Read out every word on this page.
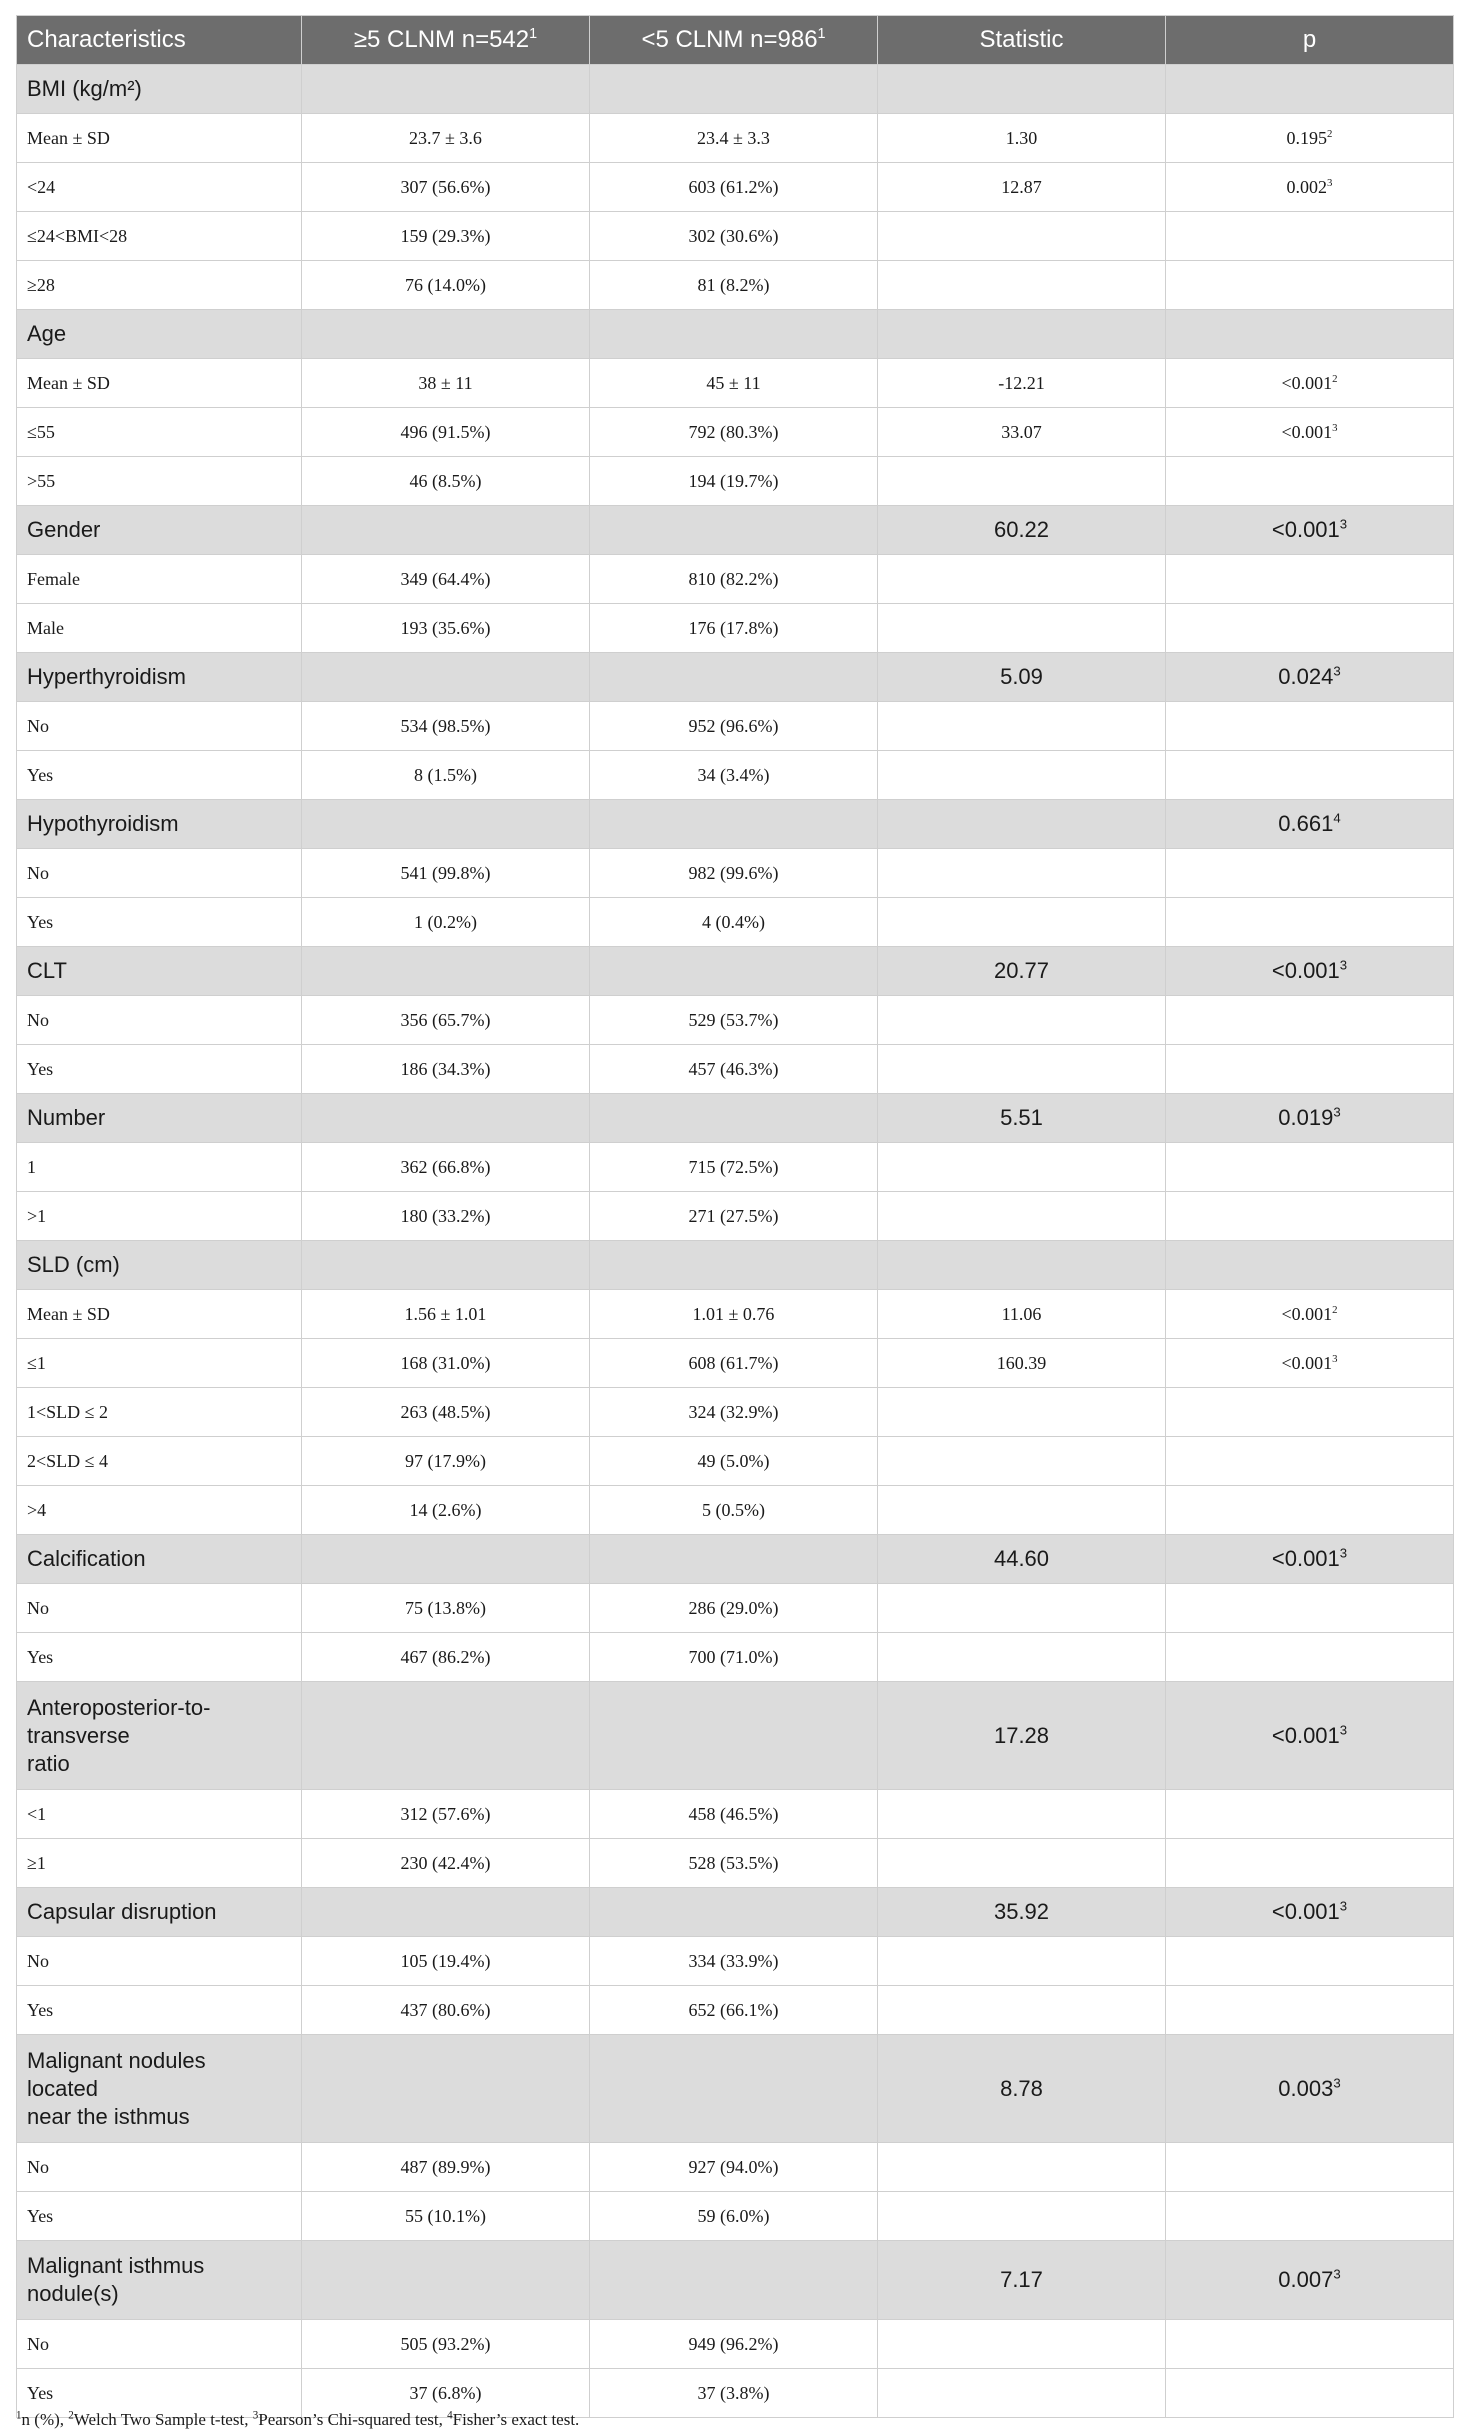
Characteristics	≥5 CLNM $n=542^1$	<5 CLNM $n=986^1$	Statistic	p
BMI (kg/m²)				
Mean ± SD	23.7 ± 3.6	23.4 ± 3.3	1.30	$0.195^2$
<24	307 (56.6%)	603 (61.2%)	12.87	$0.002^3$
≤24<BMI<28	159 (29.3%)	302 (30.6%)		
≥28	76 (14.0%)	81 (8.2%)		
Age				
Mean ± SD	38 ± 11	45 ± 11	-12.21	$<0.001^2$
≤55	496 (91.5%)	792 (80.3%)	33.07	$<0.001^3$
>55	46 (8.5%)	194 (19.7%)		
Gender			60.22	$<0.001^3$
Female	349 (64.4%)	810 (82.2%)		
Male	193 (35.6%)	176 (17.8%)		
Hyperthyroidism			5.09	0.024$^3$
No	534 (98.5%)	952 (96.6%)		
Yes	8 (1.5%)	34 (3.4%)		
Hypothyroidism				0.661$^4$
No	541 (99.8%)	982 (99.6%)		
Yes	1 (0.2%)	4 (0.4%)		
CLT			20.77	$<0.001^3$
No	356 (65.7%)	529 (53.7%)		
Yes	186 (34.3%)	457 (46.3%)		
Number			5.51	0.019$^3$
1	362 (66.8%)	715 (72.5%)		
>1	180 (33.2%)	271 (27.5%)		
SLD (cm)				
Mean ± SD	1.56 ± 1.01	1.01 ± 0.76	11.06	$<0.001^2$
≤1	168 (31.0%)	608 (61.7%)	160.39	$<0.001^3$
1<SLD ≤ 2	263 (48.5%)	324 (32.9%)		
2<SLD ≤ 4	97 (17.9%)	49 (5.0%)		
>4	14 (2.6%)	5 (0.5%)		
Calcification			44.60	$<0.001^3$
No	75 (13.8%)	286 (29.0%)		
Yes	467 (86.2%)	700 (71.0%)		
Anteroposterior-to-
transverse
ratio			17.28	$<0.001^3$
<1	312 (57.6%)	458 (46.5%)		
≥1	230 (42.4%)	528 (53.5%)		
Capsular disruption			35.92	$<0.001^3$
No	105 (19.4%)	334 (33.9%)		
Yes	437 (80.6%)	652 (66.1%)		
Malignant nodules
located
near the isthmus			8.78	0.003$^3$
No	487 (89.9%)	927 (94.0%)		
Yes	55 (10.1%)	59 (6.0%)		
Malignant isthmus
nodule(s)			7.17	0.007$^3$
No	505 (93.2%)	949 (96.2%)		
Yes	37 (6.8%)	37 (3.8%)		
$^1$n (%), $^2$Welch Two Sample t-test, $^3$Pearson’s Chi-squared test, $^4$Fisher’s exact test.
